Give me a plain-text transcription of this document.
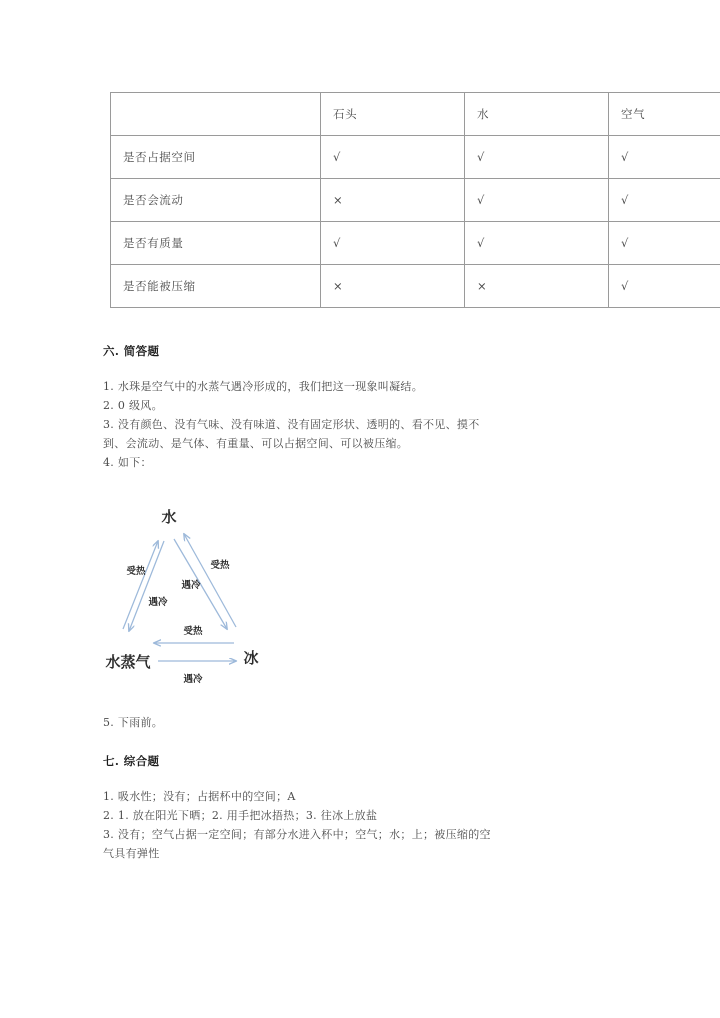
	石头	水	空气
是否占据空间	√	√	√
是否会流动	×	√	√
是否有质量	√	√	√
是否能被压缩	×	×	√
六. 简答题
1. 水珠是空气中的水蒸气遇冷形成的，我们把这一现象叫凝结。
2. 0 级风。
3. 没有颜色、没有气味、没有味道、没有固定形状、透明的、看不见、摸不
到、会流动、是气体、有重量、可以占据空间、可以被压缩。
4. 如下：
水
水蒸气	冰
受热
遇冷
遇冷
受热
受热
遇冷
5. 下雨前。
七. 综合题
1. 吸水性；没有；占据杯中的空间；A
2. 1. 放在阳光下晒；2. 用手把冰捂热；3. 往冰上放盐
3. 没有；空气占据一定空间；有部分水进入杯中；空气；水；上；被压缩的空
气具有弹性
